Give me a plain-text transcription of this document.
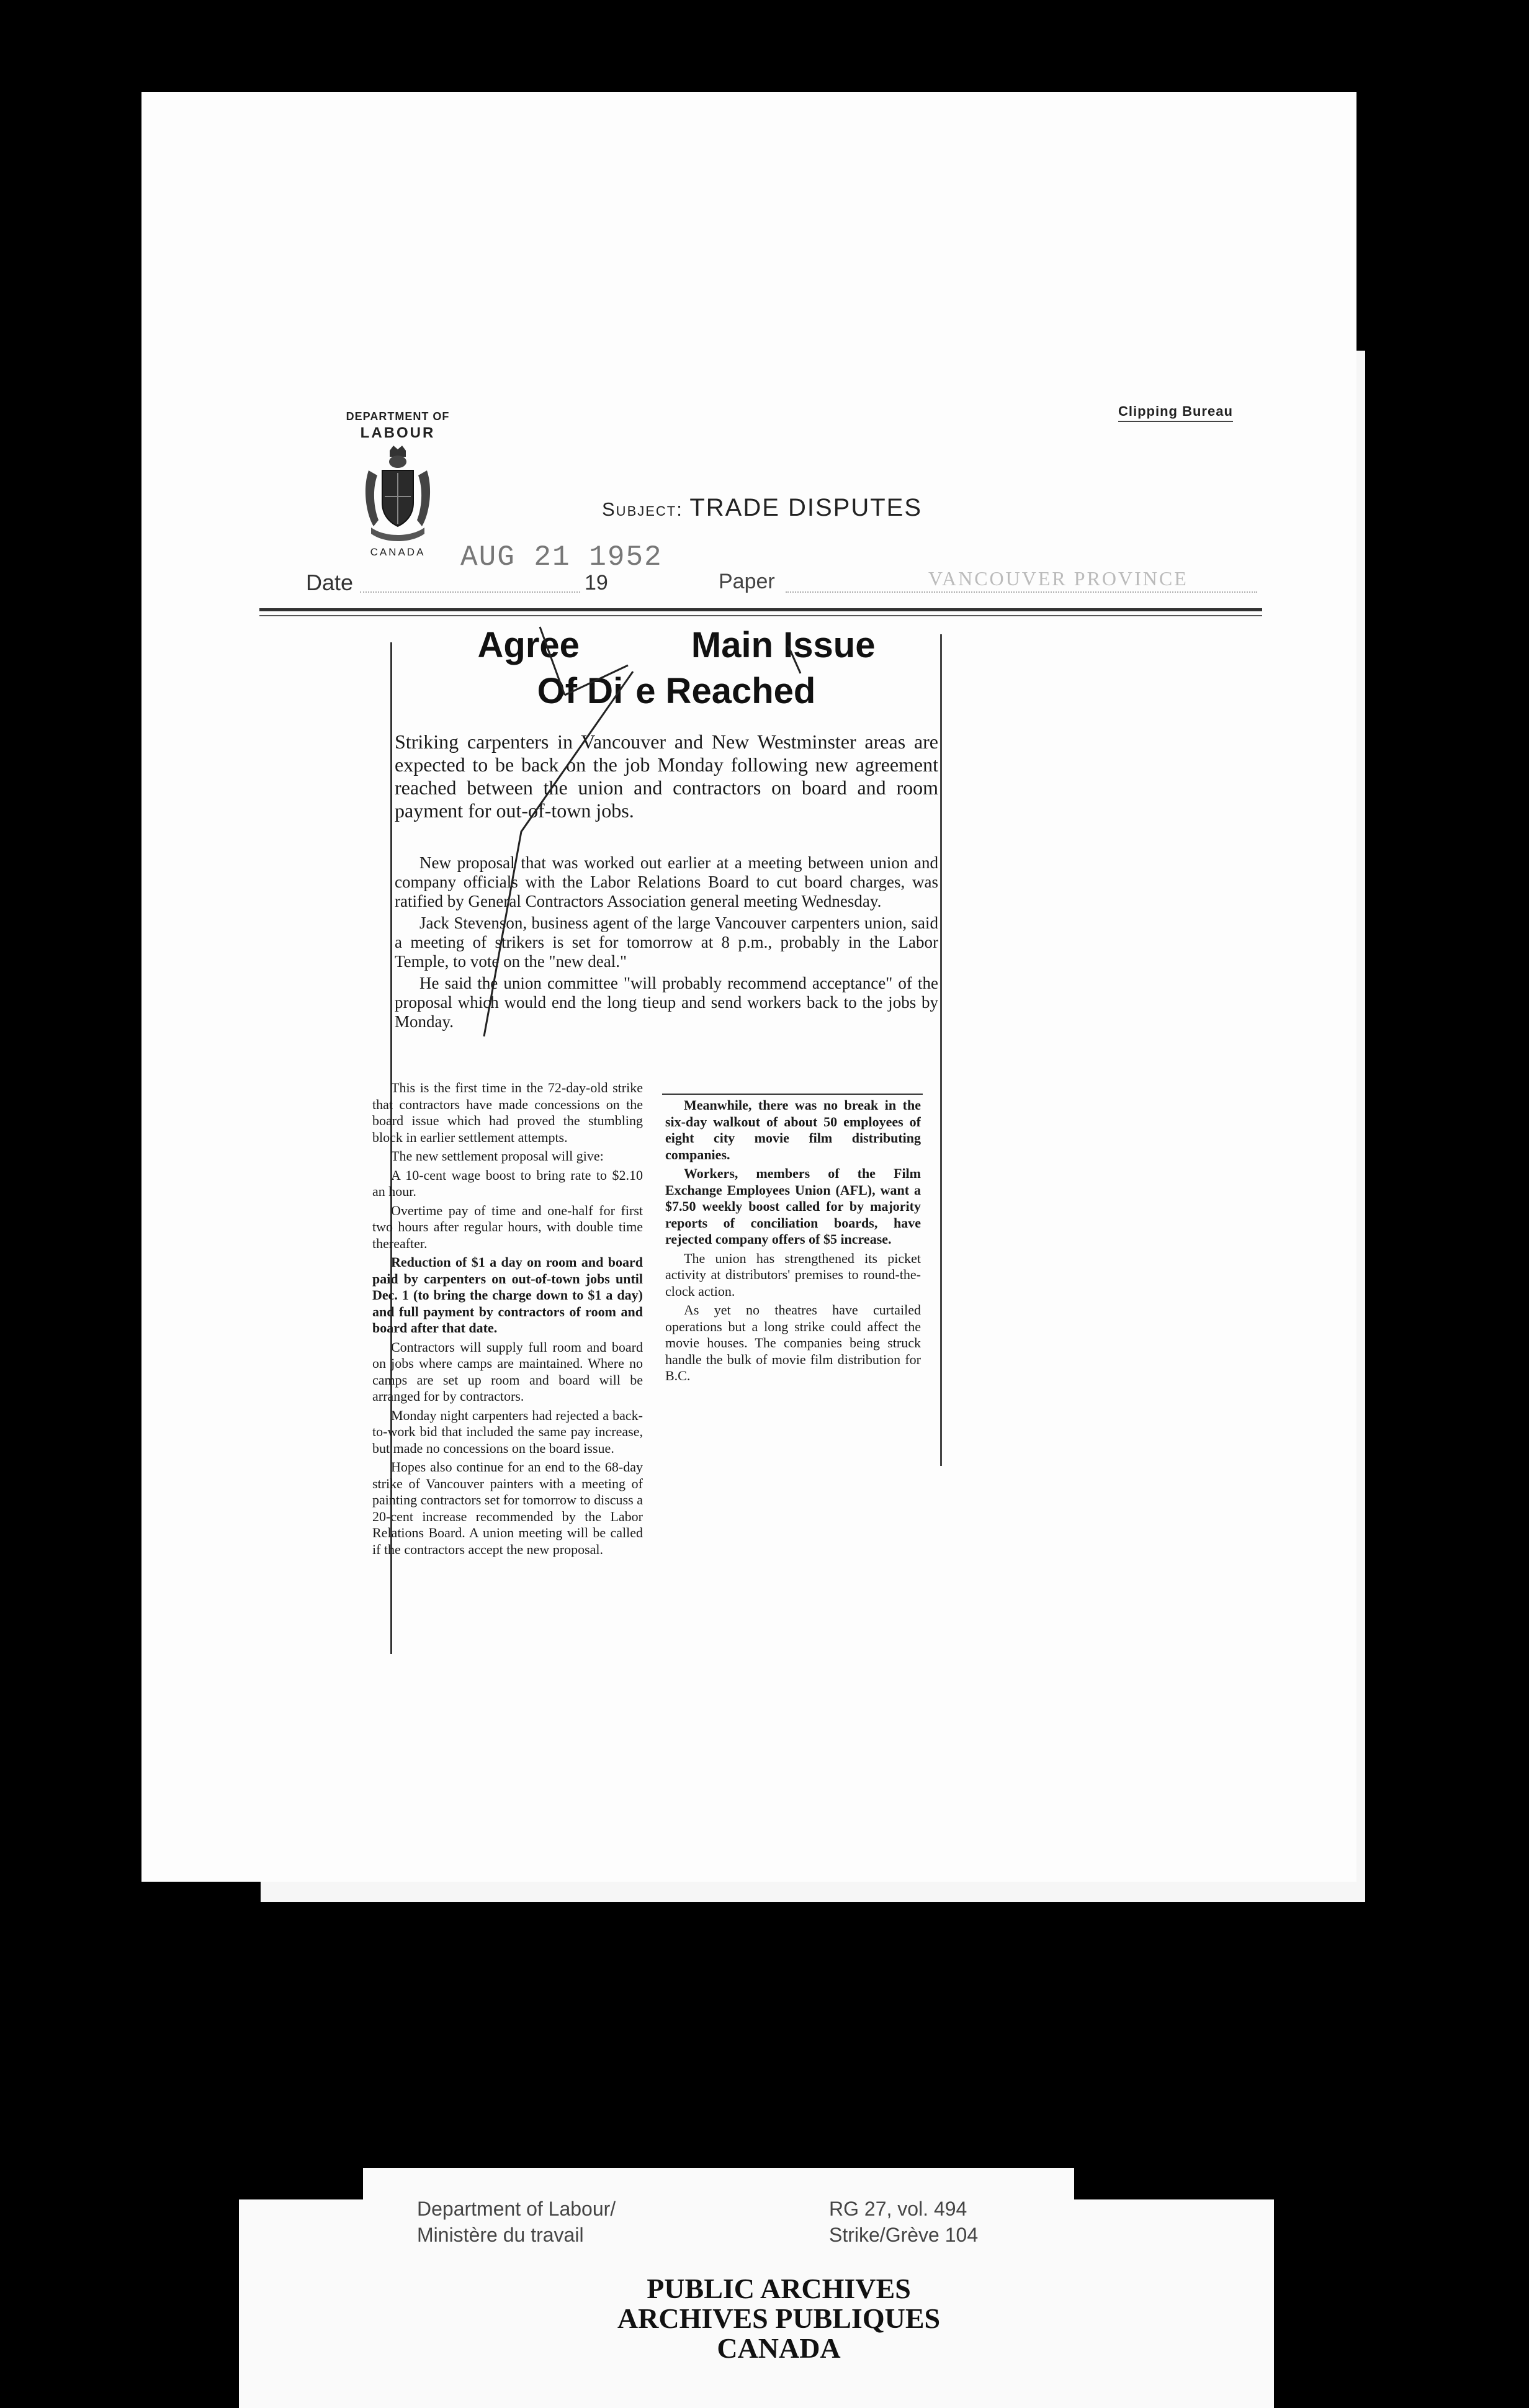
DEPARTMENT OF
LABOUR
CANADA
Clipping Bureau
Subject: TRADE DISPUTES
Date
AUG 21 1952
19	Paper	VANCOUVER PROVINCE
Agree	Main Issue
Of Di e Reached

Striking carpenters in Vancouver and New Westminster areas are expected to be back on the job Monday following new agreement reached between the union and contractors on board and room payment for out-of-town jobs.

New proposal that was worked out earlier at a meeting between union and company officials with the Labor Relations Board to cut board charges, was ratified by General Contractors Association general meeting Wednesday.

Jack Stevenson, business agent of the large Vancouver carpenters union, said a meeting of strikers is set for tomorrow at 8 p.m., probably in the Labor Temple, to vote on the "new deal."

He said the union committee "will probably recommend acceptance" of the proposal which would end the long tieup and send workers back to the jobs by Monday.

This is the first time in the 72-day-old strike that contractors have made concessions on the board issue which had proved the stumbling block in earlier settlement attempts.

The new settlement proposal will give:

A 10-cent wage boost to bring rate to $2.10 an hour.

Overtime pay of time and one-half for first two hours after regular hours, with double time thereafter.

Reduction of $1 a day on room and board paid by carpenters on out-of-town jobs until Dec. 1 (to bring the charge down to $1 a day) and full payment by contractors of room and board after that date.

Contractors will supply full room and board on jobs where camps are maintained. Where no camps are set up room and board will be arranged for by contractors.

Monday night carpenters had rejected a back-to-work bid that included the same pay increase, but made no concessions on the board issue.

Hopes also continue for an end to the 68-day strike of Vancouver painters with a meeting of painting contractors set for tomorrow to discuss a 20-cent increase recommended by the Labor Relations Board. A union meeting will be called if the contractors accept the new proposal.

Meanwhile, there was no break in the six-day walkout of about 50 employees of eight city movie film distributing companies.

Workers, members of the Film Exchange Employees Union (AFL), want a $7.50 weekly boost called for by majority reports of conciliation boards, have rejected company offers of $5 increase.

The union has strengthened its picket activity at distributors' premises to round-the-clock action.

As yet no theatres have curtailed operations but a long strike could affect the movie houses. The companies being struck handle the bulk of movie film distribution for B.C.

Department of Labour/
Ministère du travail
RG 27, vol. 494
Strike/Grève 104
PUBLIC ARCHIVES
ARCHIVES PUBLIQUES
CANADA
